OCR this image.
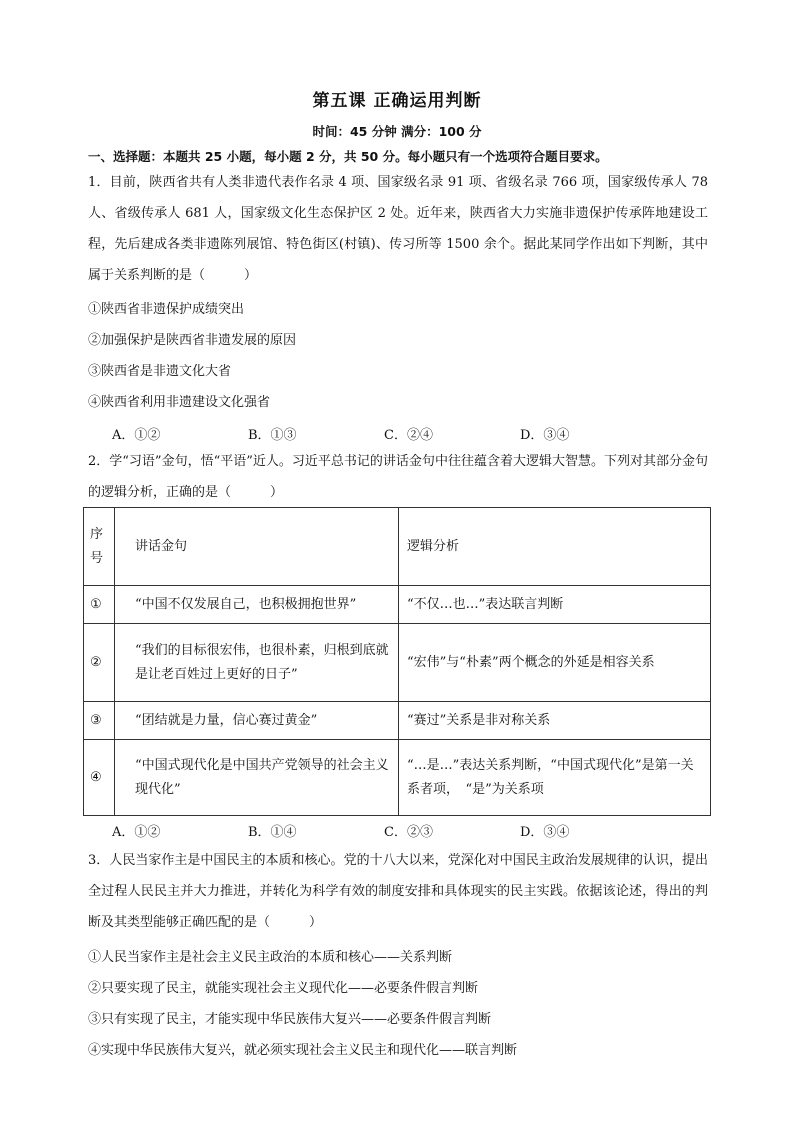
第五课 正确运用判断
时间：45 分钟 满分：100 分
一、选择题：本题共 25 小题，每小题 2 分，共 50 分。每小题只有一个选项符合题目要求。
1．目前，陕西省共有人类非遗代表作名录 4 项、国家级名录 91 项、省级名录 766 项，国家级传承人 78 人、省级传承人 681 人，国家级文化生态保护区 2 处。近年来，陕西省大力实施非遗保护传承阵地建设工程，先后建成各类非遗陈列展馆、特色街区(村镇)、传习所等 1500 余个。据此某同学作出如下判断，其中属于关系判断的是（　　　）
①陕西省非遗保护成绩突出
②加强保护是陕西省非遗发展的原因
③陕西省是非遗文化大省
④陕西省利用非遗建设文化强省
A．①②	B．①③	C．②④	D．③④
2．学“习语”金句，悟“平语”近人。习近平总书记的讲话金句中往往蕴含着大逻辑大智慧。下列对其部分金句的逻辑分析，正确的是（　　　）
序号	讲话金句	逻辑分析
①	“中国不仅发展自己，也积极拥抱世界”	“不仅…也…”表达联言判断
②	“我们的目标很宏伟，也很朴素，归根到底就是让老百姓过上更好的日子”	“宏伟”与“朴素”两个概念的外延是相容关系
③	“团结就是力量，信心赛过黄金”	“赛过”关系是非对称关系
④	“中国式现代化是中国共产党领导的社会主义现代化”	“…是…”表达关系判断，“中国式现代化”是第一关系者项，　“是”为关系项
A．①②	B．①④	C．②③	D．③④
3．人民当家作主是中国民主的本质和核心。党的十八大以来，党深化对中国民主政治发展规律的认识，提出全过程人民民主并大力推进，并转化为科学有效的制度安排和具体现实的民主实践。依据该论述，得出的判断及其类型能够正确匹配的是（　　　）
①人民当家作主是社会主义民主政治的本质和核心——关系判断
②只要实现了民主，就能实现社会主义现代化——必要条件假言判断
③只有实现了民主，才能实现中华民族伟大复兴——必要条件假言判断
④实现中华民族伟大复兴，就必须实现社会主义民主和现代化——联言判断
